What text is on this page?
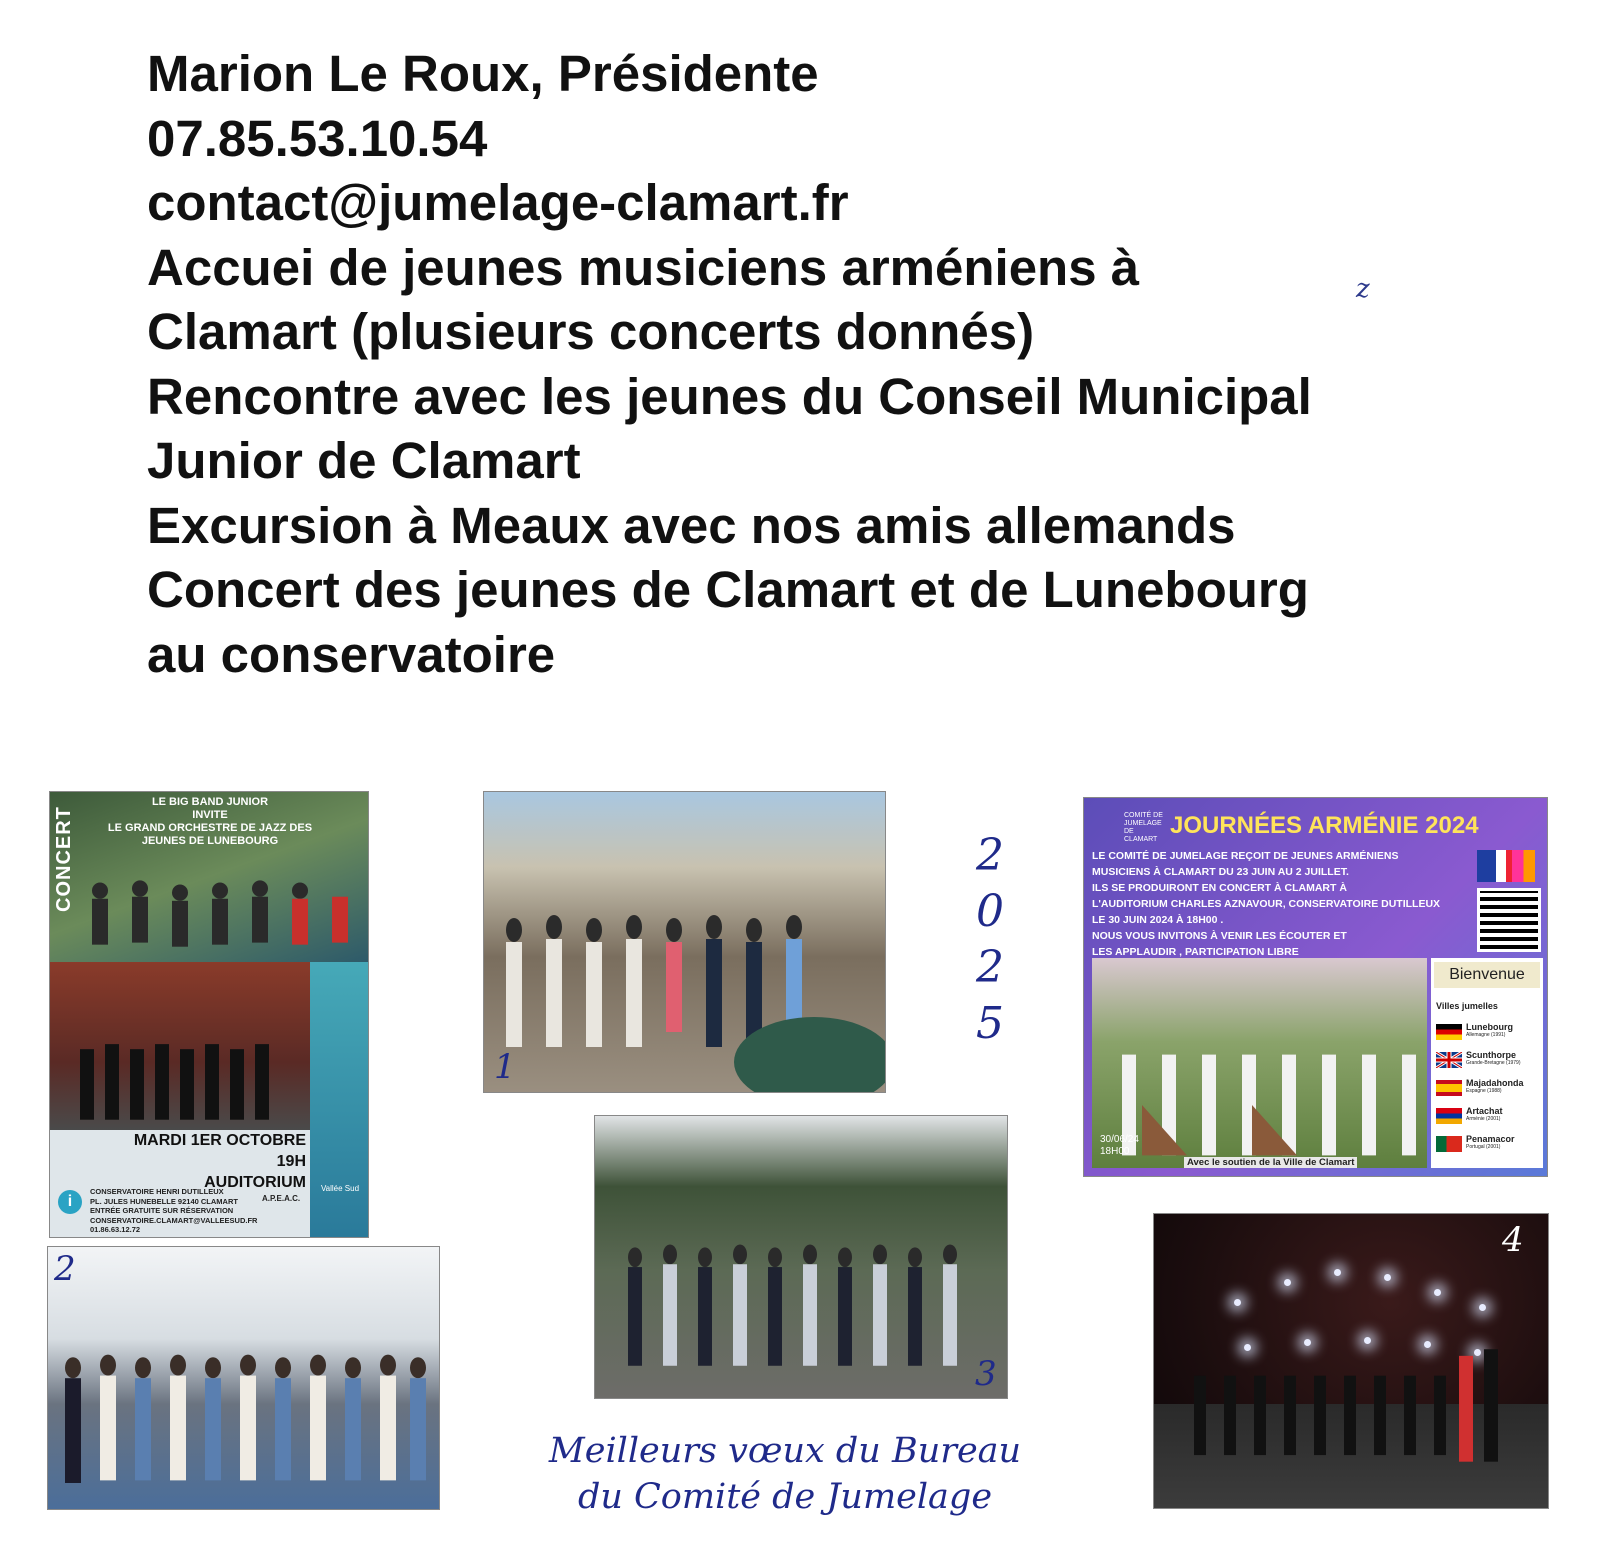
Marion Le Roux, Présidente
07.85.53.10.54
contact@jumelage-clamart.fr
Accuei de jeunes musiciens arméniens à
Clamart (plusieurs concerts donnés)
Rencontre avec les jeunes du Conseil Municipal
Junior de Clamart
Excursion à Meaux avec nos amis allemands
Concert des jeunes de Clamart et de Lunebourg
au conservatoire
z
CONCERT
LE BIG BAND JUNIOR
INVITE
LE GRAND ORCHESTRE DE JAZZ DES
JEUNES DE LUNEBOURG
MARDI 1ER OCTOBRE
19H
AUDITORIUM
i
CONSERVATOIRE HENRI DUTILLEUX
PL. JULES HUNEBELLE 92140 CLAMART
ENTRÉE GRATUITE SUR RÉSERVATION
CONSERVATOIRE.CLAMART@VALLEESUD.FR
01.86.63.12.72
Vallée Sud
A.P.E.A.C.
1
2
0
2
5
COMITÉ DE JUMELAGE DE CLAMART
JOURNÉES ARMÉNIE 2024
LE COMITÉ DE JUMELAGE REÇOIT DE JEUNES ARMÉNIENS
MUSICIENS À CLAMART DU 23 JUIN AU 2 JUILLET.
ILS SE PRODUIRONT EN CONCERT À CLAMART À
L'AUDITORIUM CHARLES AZNAVOUR, CONSERVATOIRE DUTILLEUX
LE 30 JUIN 2024 À 18H00 .
NOUS VOUS INVITONS À VENIR LES ÉCOUTER ET
LES APPLAUDIR , PARTICIPATION LIBRE
30/06/24
18H00
Avec le soutien de la Ville de Clamart
Bienvenue
Villes jumelles
Lunebourg
Allemagne (1991)
Scunthorpe
Grande-Bretagne (1979)
Majadahonda
Espagne (1988)
Artachat
Arménie (2001)
Penamacor
Portugal (2001)
2
3
4
Meilleurs vœux du Bureau
du Comité de Jumelage
